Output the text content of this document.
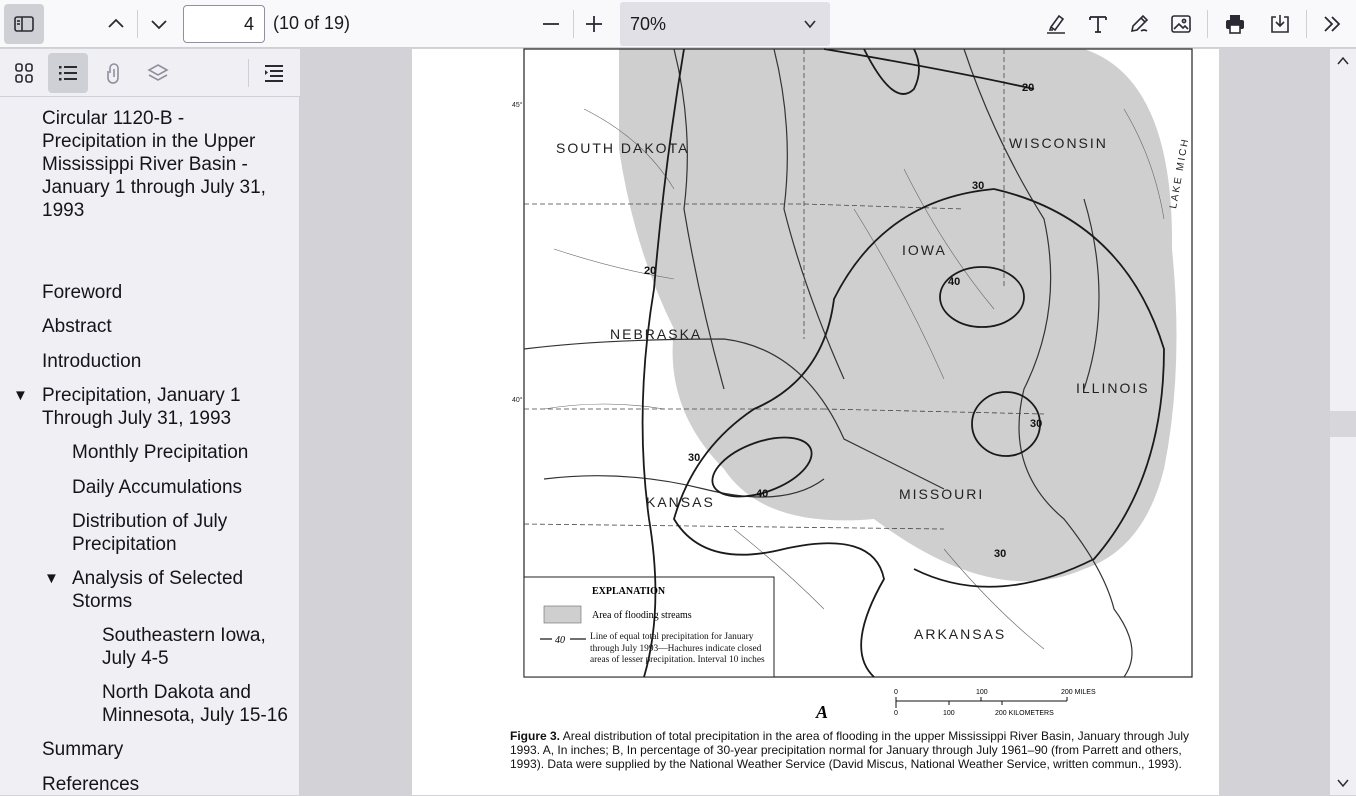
4
(10 of 19)	70%
Circular 1120-B - Precipitation in the Upper Mississippi River Basin - January 1 through July 31, 1993
Foreword
Abstract
Introduction
▼ Precipitation, January 1 Through July 31, 1993
Monthly Precipitation
Daily Accumulations
Distribution of July Precipitation
▼ Analysis of Selected Storms
Southeastern Iowa, July 4-5
North Dakota and Minnesota, July 15-16
Summary
References
SOUTH DAKOTA	WISCONSIN
IOWA
NEBRASKA
ILLINOIS
KANSAS	MISSOURI
ARKANSAS
LAKE MICH
20
20
30
30
30
30
40
40
45°
40°
EXPLANATION
Area of flooding streams
40	Line of equal total precipitation for January through July 1993—Hachures indicate closed areas of lesser precipitation. Interval 10 inches
A
0	100	200 MILES
0	100	200 KILOMETERS
Figure 3. Areal distribution of total precipitation in the area of flooding in the upper Mississippi River Basin, January through July 1993. A, In inches; B, In percentage of 30-year precipitation normal for January through July 1961–90 (from Parrett and others, 1993). Data were supplied by the National Weather Service (David Miscus, National Weather Service, written commun., 1993).
